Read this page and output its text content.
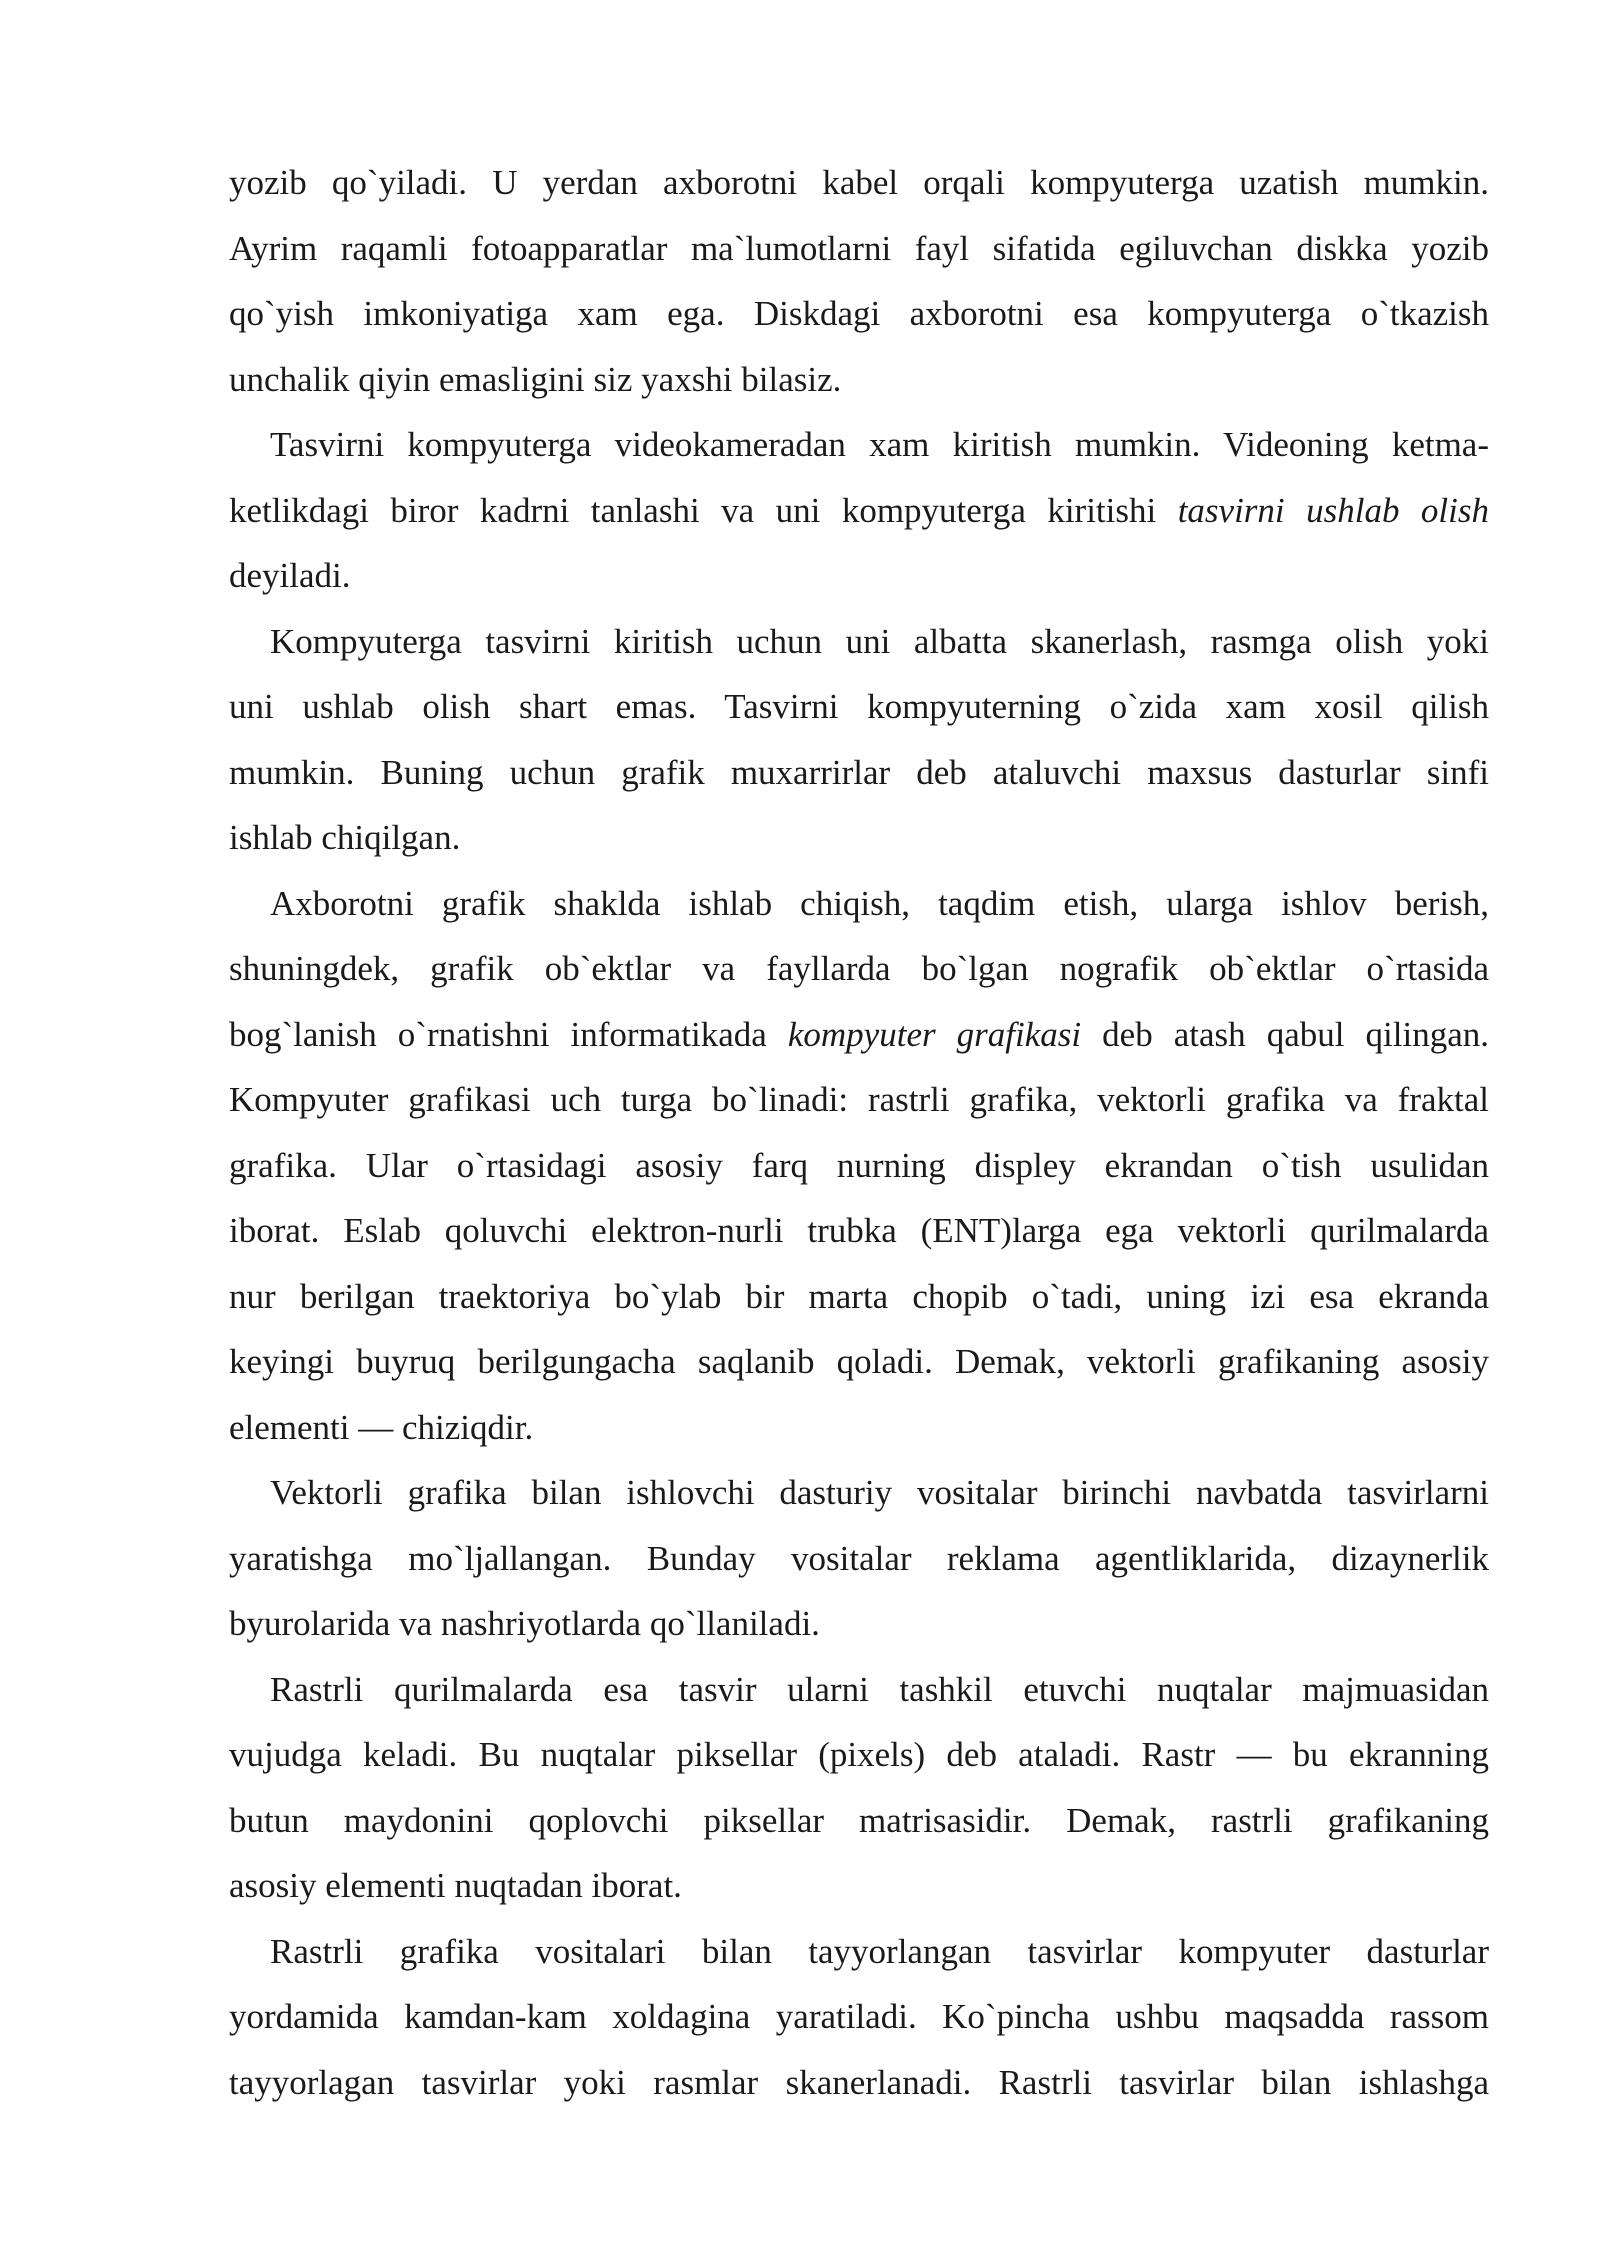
yozib qo`yiladi. U yerdan axborotni kabel orqali kompyuterga uzatish mumkin.
Ayrim raqamli fotoapparatlar ma`lumotlarni fayl sifatida egiluvchan diskka yozib
qo`yish imkoniyatiga xam ega. Diskdagi axborotni esa kompyuterga o`tkazish
unchalik qiyin emasligini siz yaxshi bilasiz.
Tasvirni kompyuterga videokameradan xam kiritish mumkin. Videoning ketma-
ketlikdagi biror kadrni tanlashi va uni kompyuterga kiritishi tasvirni ushlab olish
deyiladi.
Kompyuterga tasvirni kiritish uchun uni albatta skanerlash, rasmga olish yoki
uni ushlab olish shart emas. Tasvirni kompyuterning o`zida xam xosil qilish
mumkin. Buning uchun grafik muxarrirlar deb ataluvchi maxsus dasturlar sinfi
ishlab chiqilgan.
Axborotni grafik shaklda ishlab chiqish, taqdim etish, ularga ishlov berish,
shuningdek, grafik ob`ektlar va fayllarda bo`lgan nografik ob`ektlar o`rtasida
bog`lanish o`rnatishni informatikada kompyuter grafikasi deb atash qabul qilingan.
Kompyuter grafikasi uch turga bo`linadi: rastrli grafika, vektorli grafika va fraktal
grafika. Ular o`rtasidagi asosiy farq nurning displey ekrandan o`tish usulidan
iborat. Eslab qoluvchi elektron-nurli trubka (ENT)larga ega vektorli qurilmalarda
nur berilgan traektoriya bo`ylab bir marta chopib o`tadi, uning izi esa ekranda
keyingi buyruq berilgungacha saqlanib qoladi. Demak, vektorli grafikaning asosiy
elementi — chiziqdir.
Vektorli grafika bilan ishlovchi dasturiy vositalar birinchi navbatda tasvirlarni
yaratishga mo`ljallangan. Bunday vositalar reklama agentliklarida, dizaynerlik
byurolarida va nashriyotlarda qo`llaniladi.
Rastrli qurilmalarda esa tasvir ularni tashkil etuvchi nuqtalar majmuasidan
vujudga keladi. Bu nuqtalar piksellar (pixels) deb ataladi. Rastr — bu ekranning
butun maydonini qoplovchi piksellar matrisasidir. Demak, rastrli grafikaning
asosiy elementi nuqtadan iborat.
Rastrli grafika vositalari bilan tayyorlangan tasvirlar kompyuter dasturlar
yordamida kamdan-kam xoldagina yaratiladi. Ko`pincha ushbu maqsadda rassom
tayyorlagan tasvirlar yoki rasmlar skanerlanadi. Rastrli tasvirlar bilan ishlashga
